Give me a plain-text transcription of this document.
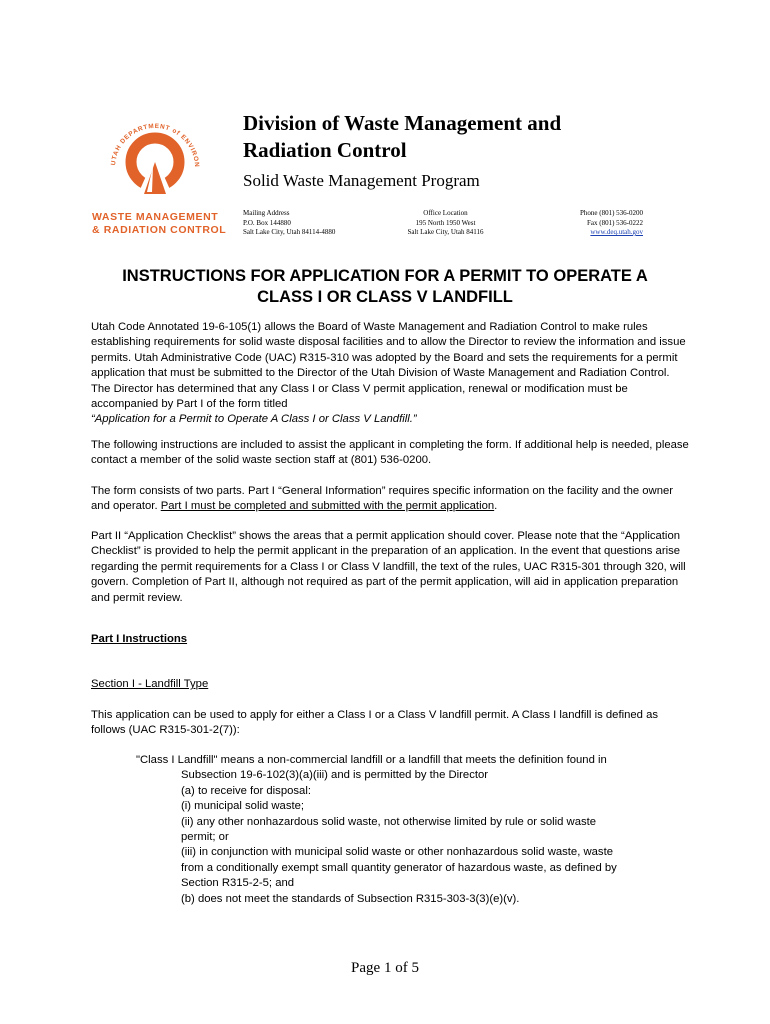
UTAH DEPARTMENT of ENVIRON
WASTE MANAGEMENT
& RADIATION CONTROL
Division of Waste Management and
Radiation Control
Solid Waste Management Program
Mailing Address
P.O. Box 144880
Salt Lake City, Utah 84114-4880
Office Location
195 North 1950 West
Salt Lake City, Utah 84116
Phone (801) 536-0200
Fax (801) 536-0222
www.deq.utah.gov
INSTRUCTIONS FOR APPLICATION FOR A PERMIT TO OPERATE A
CLASS I OR CLASS V LANDFILL

Utah Code Annotated 19-6-105(1) allows the Board of Waste Management and Radiation Control to make rules establishing requirements for solid waste disposal facilities and to allow the Director to review the information and issue permits. Utah Administrative Code (UAC) R315-310 was adopted by the Board and sets the requirements for a permit application that must be submitted to the Director of the Utah Division of Waste Management and Radiation Control. The Director has determined that any Class I or Class V permit application, renewal or modification must be accompanied by Part I of the form titled
“Application for a Permit to Operate A Class I or Class V Landfill.”

The following instructions are included to assist the applicant in completing the form. If additional help is needed, please contact a member of the solid waste section staff at (801) 536-0200.

The form consists of two parts. Part I “General Information” requires specific information on the facility and the owner and operator. Part I must be completed and submitted with the permit application.

Part II “Application Checklist” shows the areas that a permit application should cover. Please note that the “Application Checklist” is provided to help the permit applicant in the preparation of an application. In the event that questions arise regarding the permit requirements for a Class I or Class V landfill, the text of the rules, UAC R315-301 through 320, will govern. Completion of Part II, although not required as part of the permit application, will aid in application preparation and permit review.

Part I Instructions

Section I - Landfill Type

This application can be used to apply for either a Class I or a Class V landfill permit. A Class I landfill is defined as follows (UAC R315-301-2(7)):

"Class I Landfill" means a non-commercial landfill or a landfill that meets the definition found in
Subsection 19-6-102(3)(a)(iii) and is permitted by the Director
(a) to receive for disposal:
(i) municipal solid waste;
(ii) any other nonhazardous solid waste, not otherwise limited by rule or solid waste
permit; or
(iii) in conjunction with municipal solid waste or other nonhazardous solid waste, waste
from a conditionally exempt small quantity generator of hazardous waste, as defined by
Section R315-2-5; and
(b) does not meet the standards of Subsection R315-303-3(3)(e)(v).
Page 1 of 5
